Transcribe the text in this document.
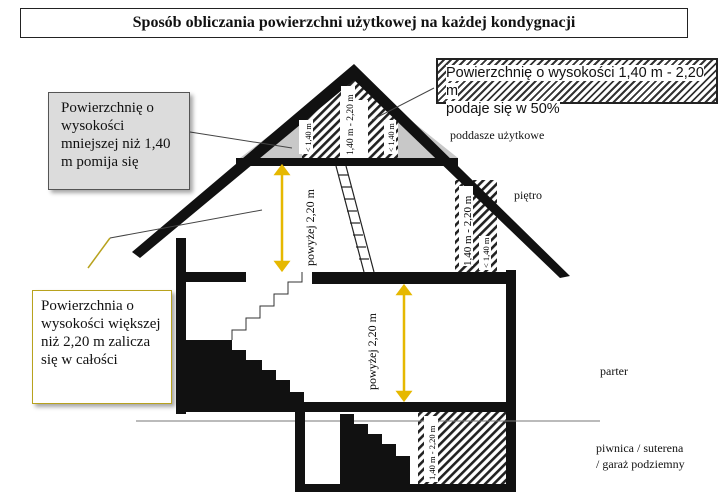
Sposób obliczania powierzchni użytkowej na każdej kondygnacji
< 1,40 m	1,40 m - 2,20 m	< 1,40 m
powyżej 2,20 m	1,40 m - 2,20 m < 1,40 m
powyżej 2,20 m
1,40 m - 2,20 m
Powierzchnię o wysokości mniejszej niż 1,40 m pomija się
Powierzchnia o wysokości większej niż 2,20 m zalicza się w całości
Powierzchnię o wysokości 1,40 m - 2,20 m
podaje się w 50%
poddasze użytkowe
piętro
parter
piwnica / suterena
/ garaż podziemny
